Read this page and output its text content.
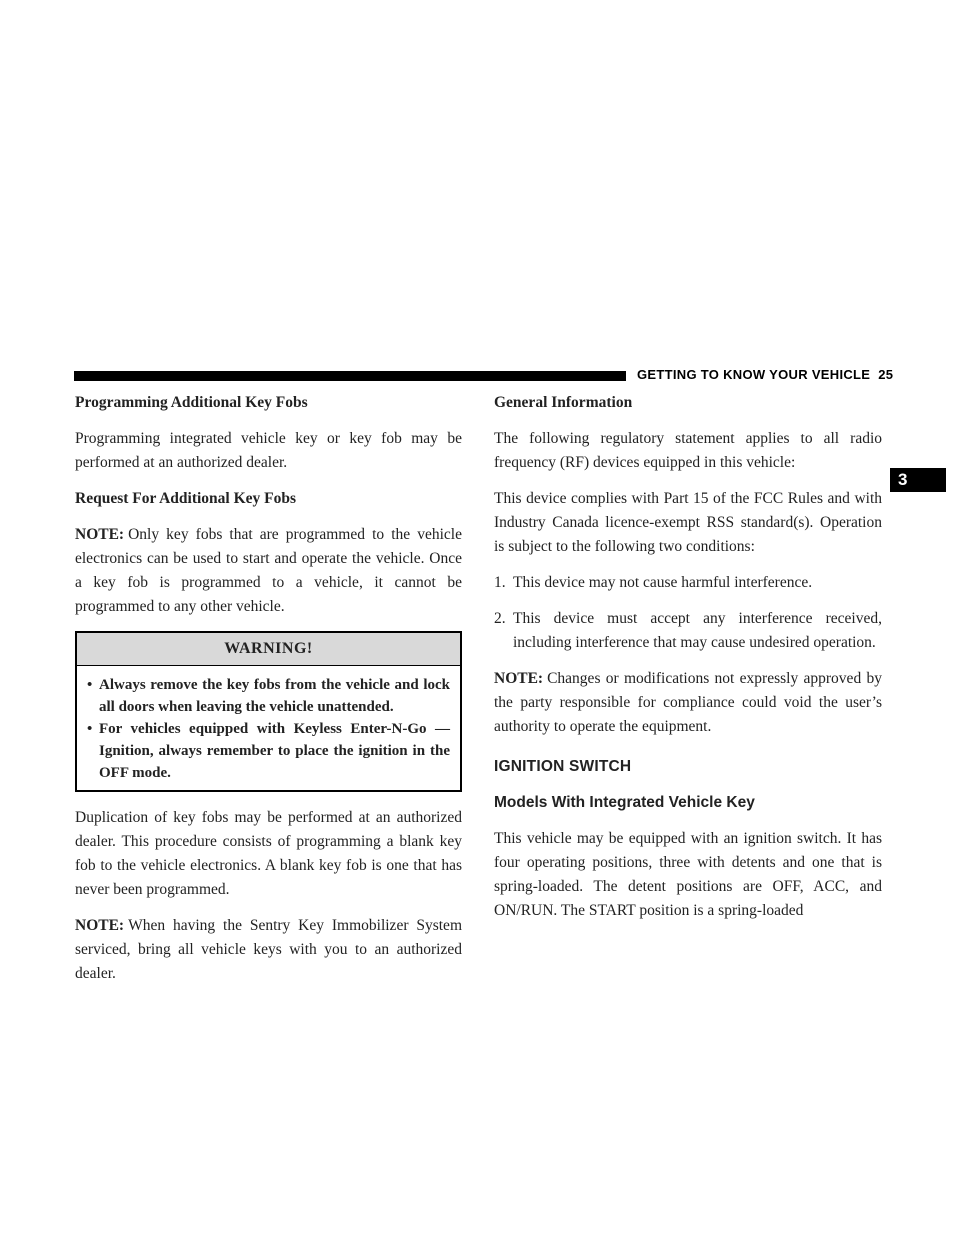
GETTING TO KNOW YOUR VEHICLE 25
3
Programming Additional Key Fobs

Programming integrated vehicle key or key fob may be performed at an authorized dealer.

Request For Additional Key Fobs

NOTE: Only key fobs that are programmed to the vehicle electronics can be used to start and operate the vehicle. Once a key fob is programmed to a vehicle, it cannot be programmed to any other vehicle.

WARNING!
• Always remove the key fobs from the vehicle and lock all doors when leaving the vehicle unattended.
• For vehicles equipped with Keyless Enter-N-Go — Ignition, always remember to place the ignition in the OFF mode.

Duplication of key fobs may be performed at an authorized dealer. This procedure consists of programming a blank key fob to the vehicle electronics. A blank key fob is one that has never been programmed.

NOTE: When having the Sentry Key Immobilizer System serviced, bring all vehicle keys with you to an authorized dealer.

General Information

The following regulatory statement applies to all radio frequency (RF) devices equipped in this vehicle:

This device complies with Part 15 of the FCC Rules and with Industry Canada licence-exempt RSS standard(s). Operation is subject to the following two conditions:

1. This device may not cause harmful interference.
2. This device must accept any interference received, including interference that may cause undesired operation.

NOTE: Changes or modifications not expressly approved by the party responsible for compliance could void the user’s authority to operate the equipment.

IGNITION SWITCH
Models With Integrated Vehicle Key

This vehicle may be equipped with an ignition switch. It has four operating positions, three with detents and one that is spring-loaded. The detent positions are OFF, ACC, and ON/RUN. The START position is a spring-loaded
